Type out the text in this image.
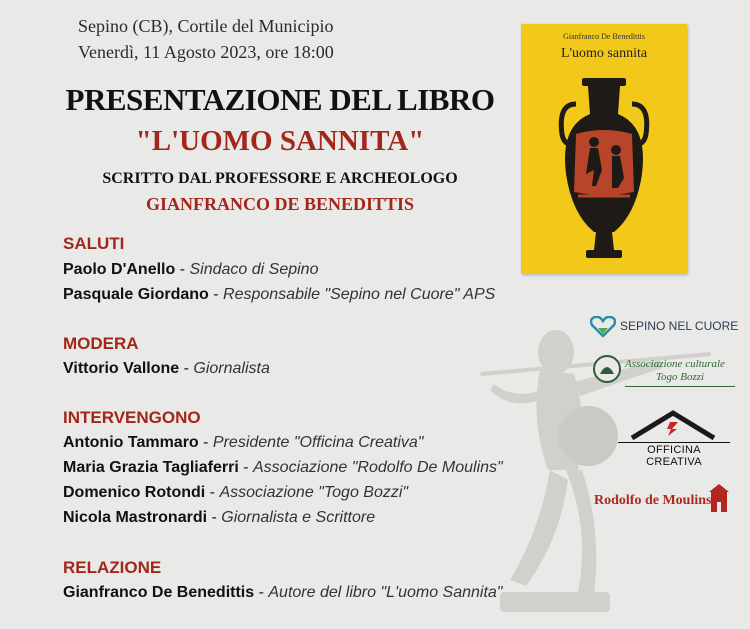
Sepino (CB), Cortile del Municipio
Venerdì, 11 Agosto 2023, ore 18:00
PRESENTAZIONE DEL LIBRO
"L'UOMO SANNITA"
SCRITTO DAL PROFESSORE E ARCHEOLOGO
GIANFRANCO DE BENEDITTIS
SALUTI
Paolo D'Anello - Sindaco di Sepino
Pasquale Giordano - Responsabile "Sepino nel Cuore" APS
MODERA
Vittorio Vallone - Giornalista
INTERVENGONO
Antonio Tammaro - Presidente "Officina Creativa"
Maria Grazia Tagliaferri - Associazione "Rodolfo De Moulins"
Domenico Rotondi - Associazione "Togo Bozzi"
Nicola Mastronardi - Giornalista e Scrittore
RELAZIONE
Gianfranco De Benedittis - Autore del libro "L'uomo Sannita"
Gianfranco De Benedittis
L'uomo sannita
SEPINO NEL CUORE
Associazione culturale
Togo Bozzi
OFFICINA CREATIVA
Rodolfo de Moulins
